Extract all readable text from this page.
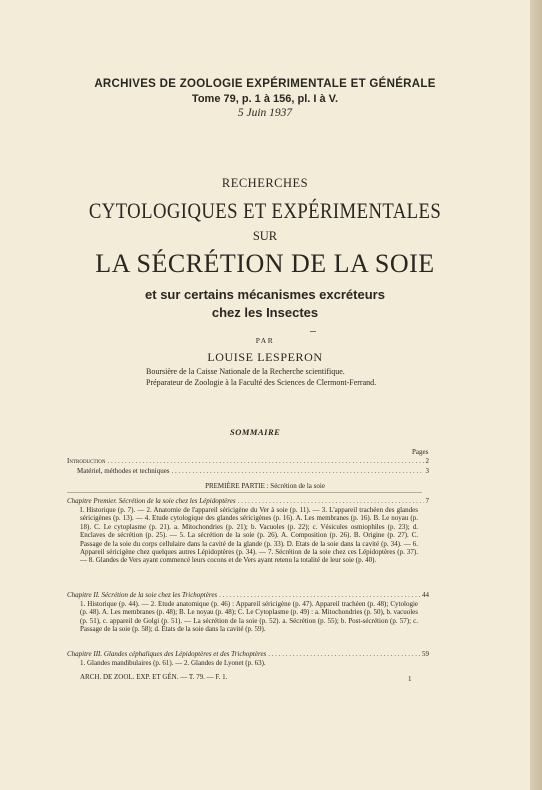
ARCHIVES DE ZOOLOGIE EXPÉRIMENTALE ET GÉNÉRALE
Tome 79, p. 1 à 156, pl. I à V.
5 Juin 1937
RECHERCHES
CYTOLOGIQUES ET EXPÉRIMENTALES
SUR
LA SÉCRÉTION DE LA SOIE
et sur certains mécanismes excréteurs
chez les Insectes
PAR
LOUISE LESPERON
Boursière de la Caisse Nationale de la Recherche scientifique.
Préparateur de Zoologie à la Faculté des Sciences de Clermont-Ferrand.
SOMMAIRE
Pages
Introduction . . .	2
Matériel, méthodes et techniques . . .	3
PREMIÈRE PARTIE : Sécrétion de la soie
Chapitre Premier. Sécrétion de la soie chez les Lépidoptères . . .	7
I. Historique (p. 7). — 2. Anatomie de l'appareil séricigène du Ver à soie (p. 11). — 3. L'appareil trachéen des glandes séricigènes (p. 13). — 4. Etude cytologique des glandes séricigènes (p. 16). A. Les membranes (p. 16). B. Le noyau (p. 18). C. Le cytoplasme (p. 21). a. Mitochondries (p. 21); b. Vacuoles (p. 22); c. Vésicules osmiophiles (p. 23); d. Enclaves de sécrétion (p. 25). — 5. La sécrétion de la soie (p. 26). A. Composition (p. 26). B. Origine (p. 27). C. Passage de la soie du corps cellulaire dans la cavité de la glande (p. 33). D. Etats de la soie dans la cavité (p. 34). — 6. Appareil séricigène chez quelques autres Lépidoptères (p. 34). — 7. Sécrétion de la soie chez ces Lépidoptères (p. 37). — 8. Glandes de Vers ayant commencé leurs cocons et de Vers ayant retenu la totalité de leur soie (p. 40).
Chapitre II. Sécrétion de la soie chez les Trichoptères . . .	44
1. Historique (p. 44). — 2. Etude anatomique (p. 46) : Appareil séricigène (p. 47). Appareil trachéen (p. 48); Cytologie (p. 48). A. Les membranes (p. 48); B. Le noyau (p. 48); C. Le Cytoplasme (p. 49) : a. Mitochondries (p. 50), b. vacuoles (p. 51), c. appareil de Golgi (p. 51). — La sécrétion de la soie (p. 52). a. Sécrétion (p. 55); b. Post-sécrétion (p. 57); c. Passage de la soie (p. 58); d. États de la soie dans la cavité (p. 59).
Chapitre III. Glandes céphaliques des Lépidoptères et des Trichoptères . . .	59
1. Glandes mandibulaires (p. 61). — 2. Glandes de Lyonet (p. 63).
ARCH. DE ZOOL. EXP. ET GÉN. — T. 79. — F. 1.	1
